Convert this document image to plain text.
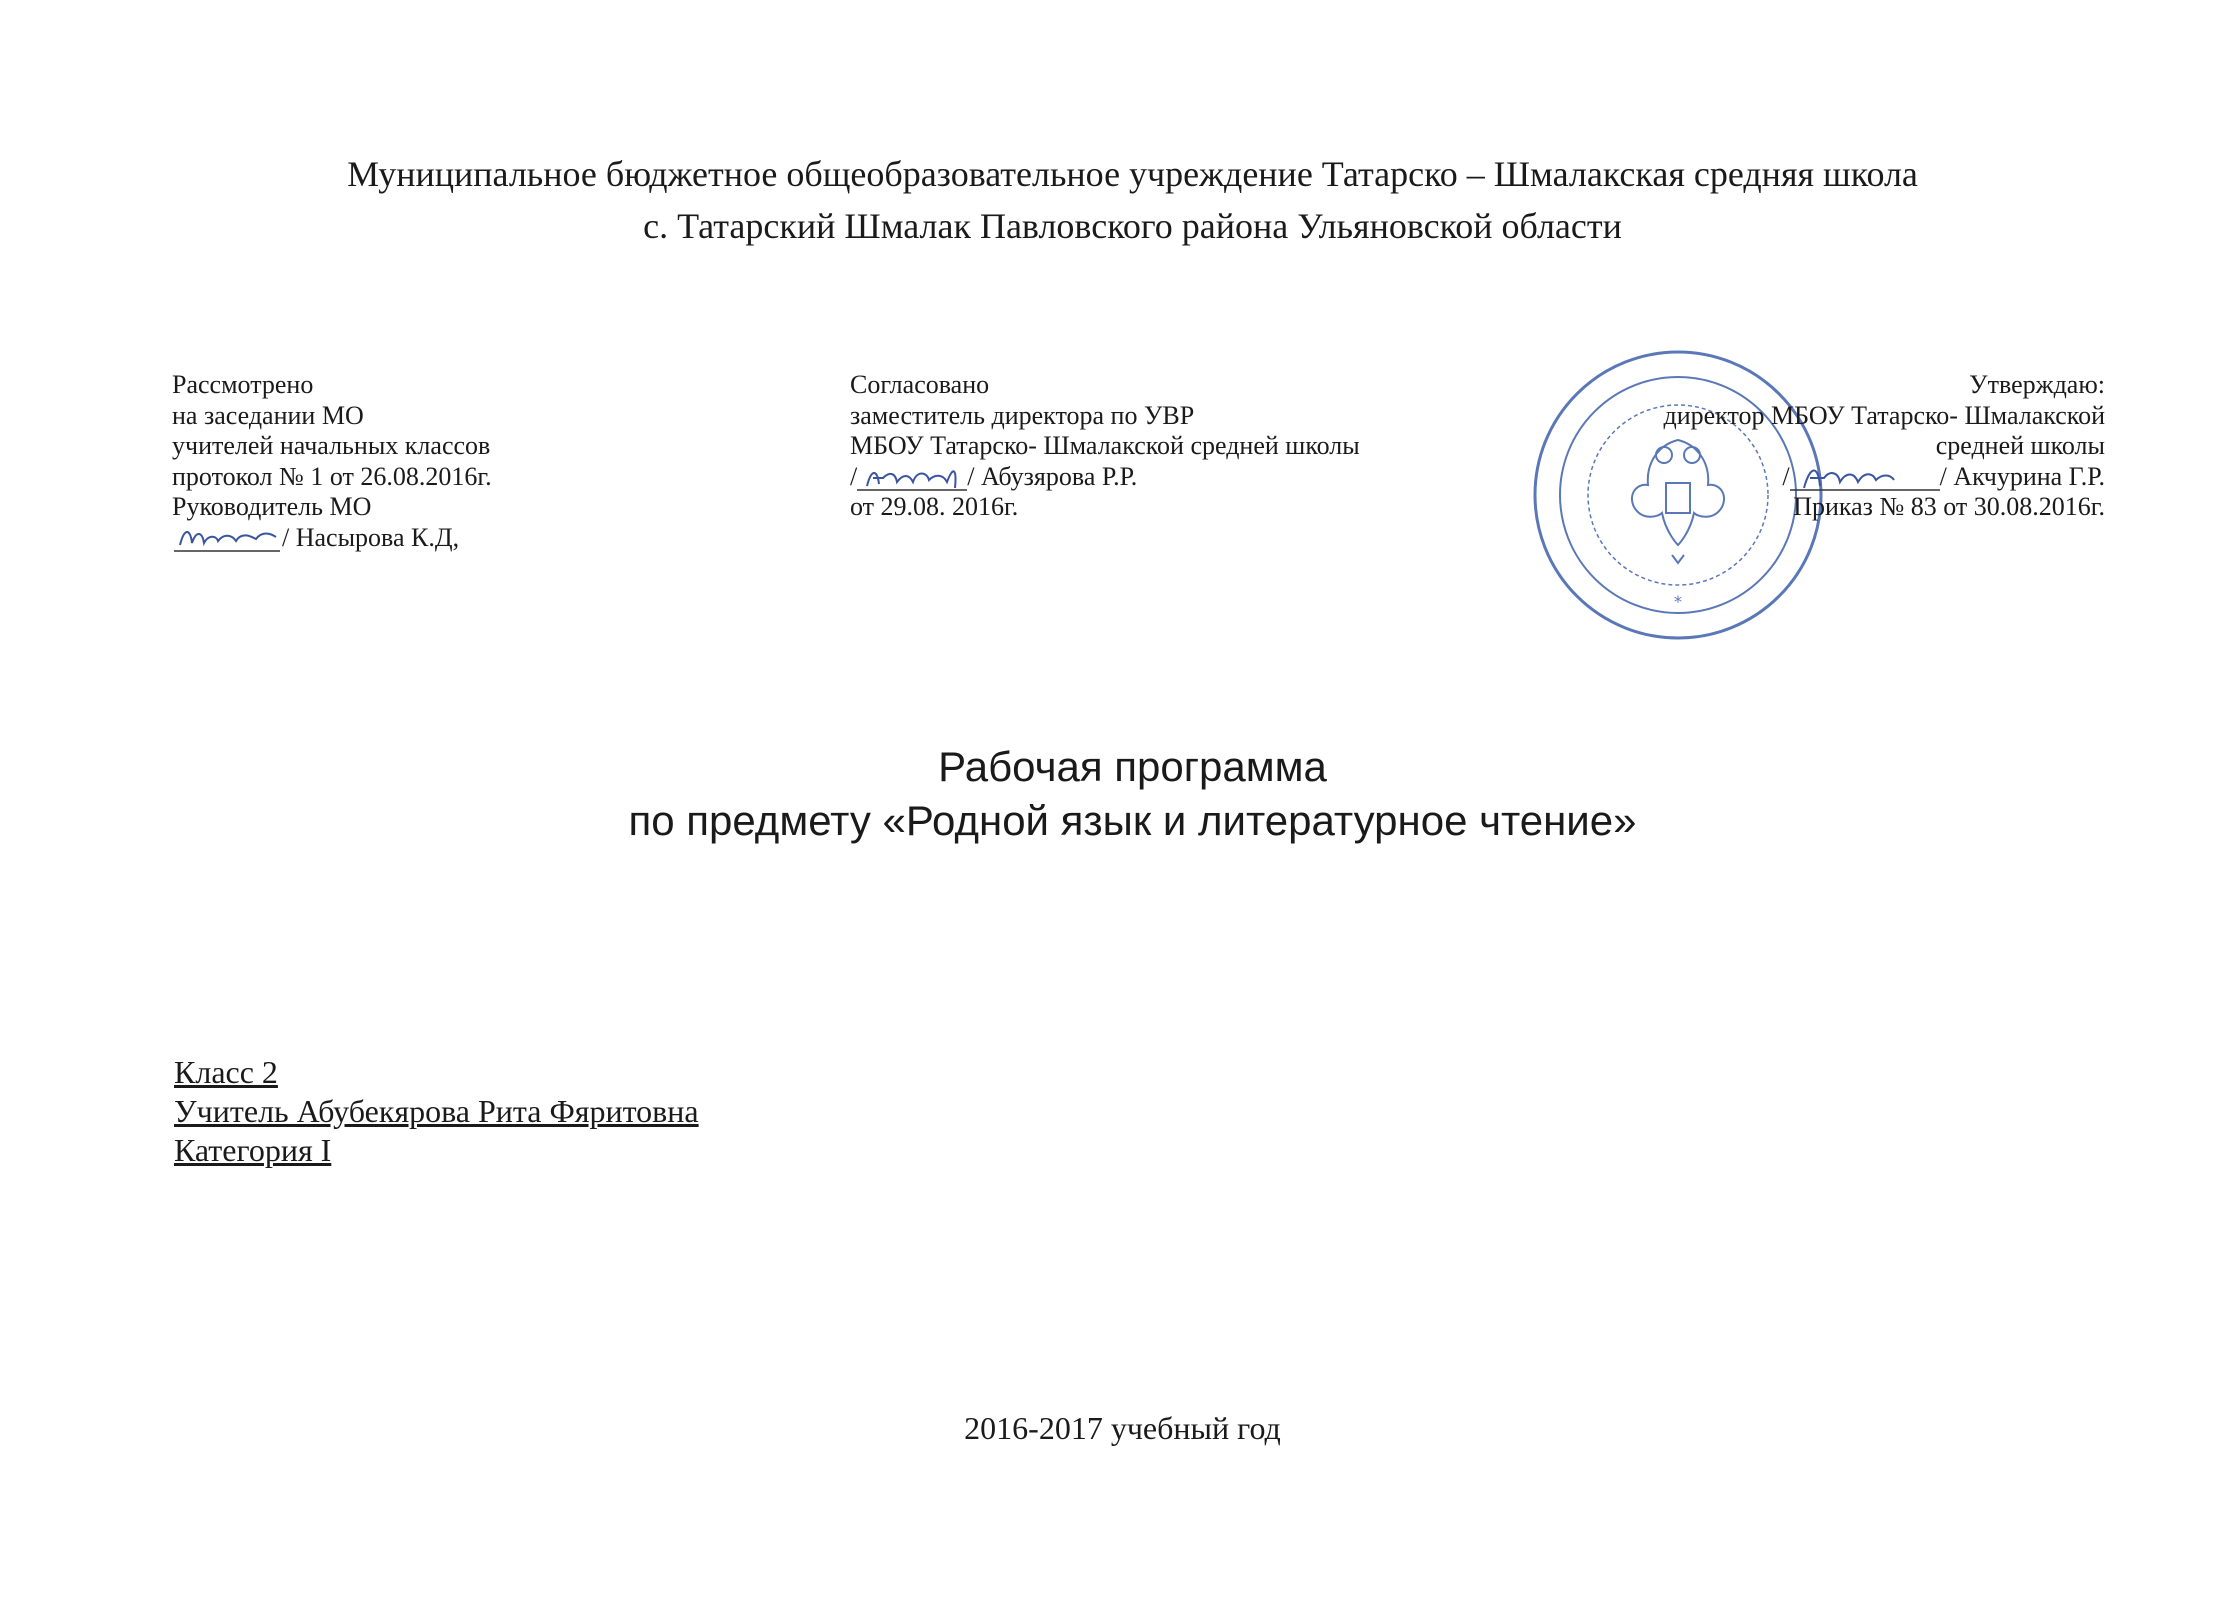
Муниципальное бюджетное общеобразовательное учреждение Татарско – Шмалакская средняя школа
с. Татарский Шмалак Павловского района Ульяновской области
Рассмотрено
на заседании МО
учителей начальных классов
протокол № 1 от 26.08.2016г.
Руководитель МО
/ Насырова К.Д,
Согласовано
заместитель директора по УВР
МБОУ Татарско- Шмалакской средней школы
/	/ Абузярова Р.Р.
от 29.08. 2016г.
*
Утверждаю:
директор МБОУ Татарско- Шмалакской
средней школы
/	/ Акчурина Г.Р.
Приказ № 83 от 30.08.2016г.
Рабочая программа
по предмету «Родной язык и литературное чтение»
Класс 2
Учитель Абубекярова Рита Фяритовна
Категория I
2016-2017 учебный год
